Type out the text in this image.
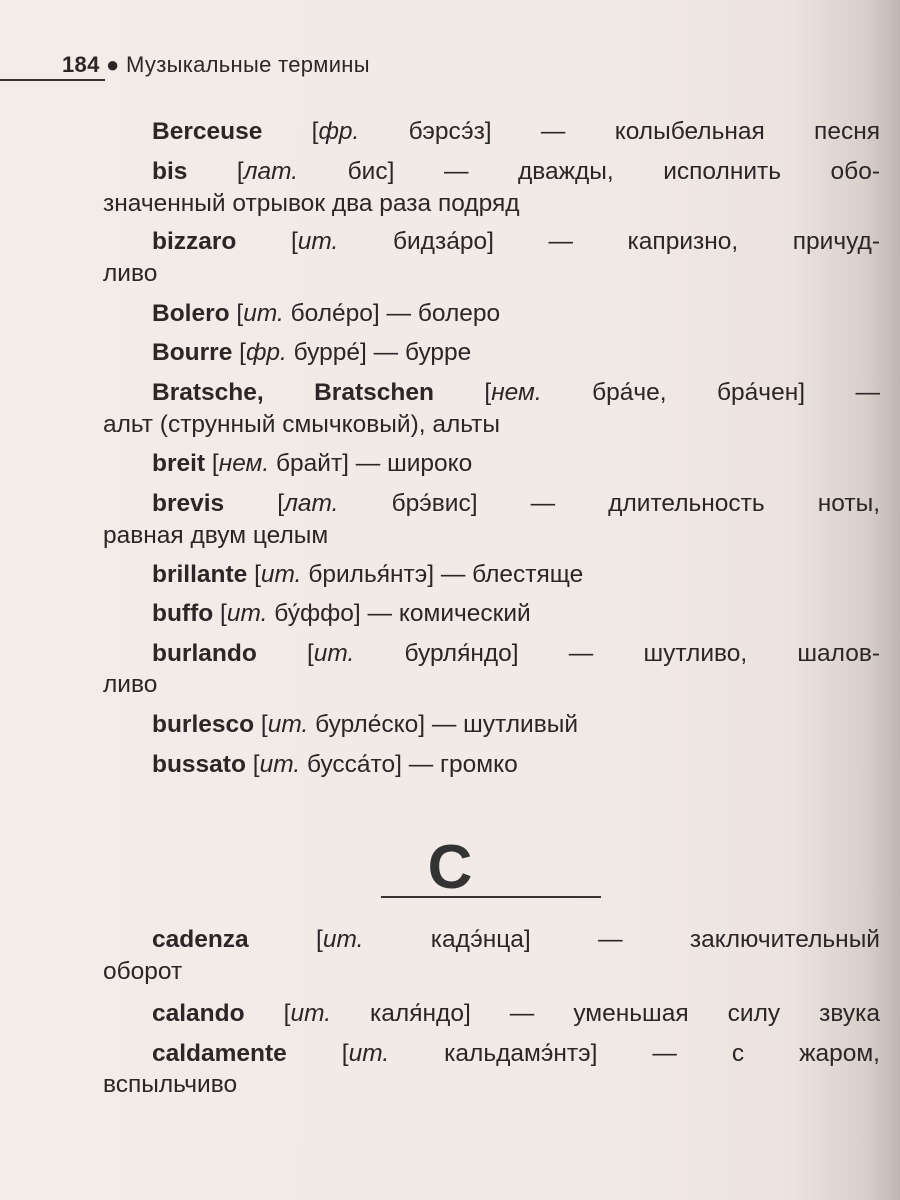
184 ● Музыкальные термины
Berceuse [фр. бэрсэ́з] — колыбельная песня
bis [лат. бис] — дважды, исполнить обо-
значенный отрывок два раза подряд
bizzaro [ит. бидза́ро] — капризно, причуд-
ливо
Bolero [ит. боле́ро] — болеро
Bourre [фр. бурре́] — бурре
Bratsche, Bratschen [нем. бра́че, бра́чен] —
альт (струнный смычковый), альты
breit [нем. брайт] — широко
brevis [лат. брэ́вис] — длительность ноты,
равная двум целым
brillante [ит. брилья́нтэ] — блестяще
buffo [ит. бу́ффо] — комический
burlando [ит. бурля́ндо] — шутливо, шалов-
ливо
burlesco [ит. бурле́ско] — шутливый
bussato [ит. бусса́то] — громко
C
cadenza [ит.	кадэ́нца]	— заключительный
оборот
calando [ит. каля́ндо] — уменьшая силу звука
caldamente [ит. кальдамэ́нтэ] — с жаром,
вспыльчиво
